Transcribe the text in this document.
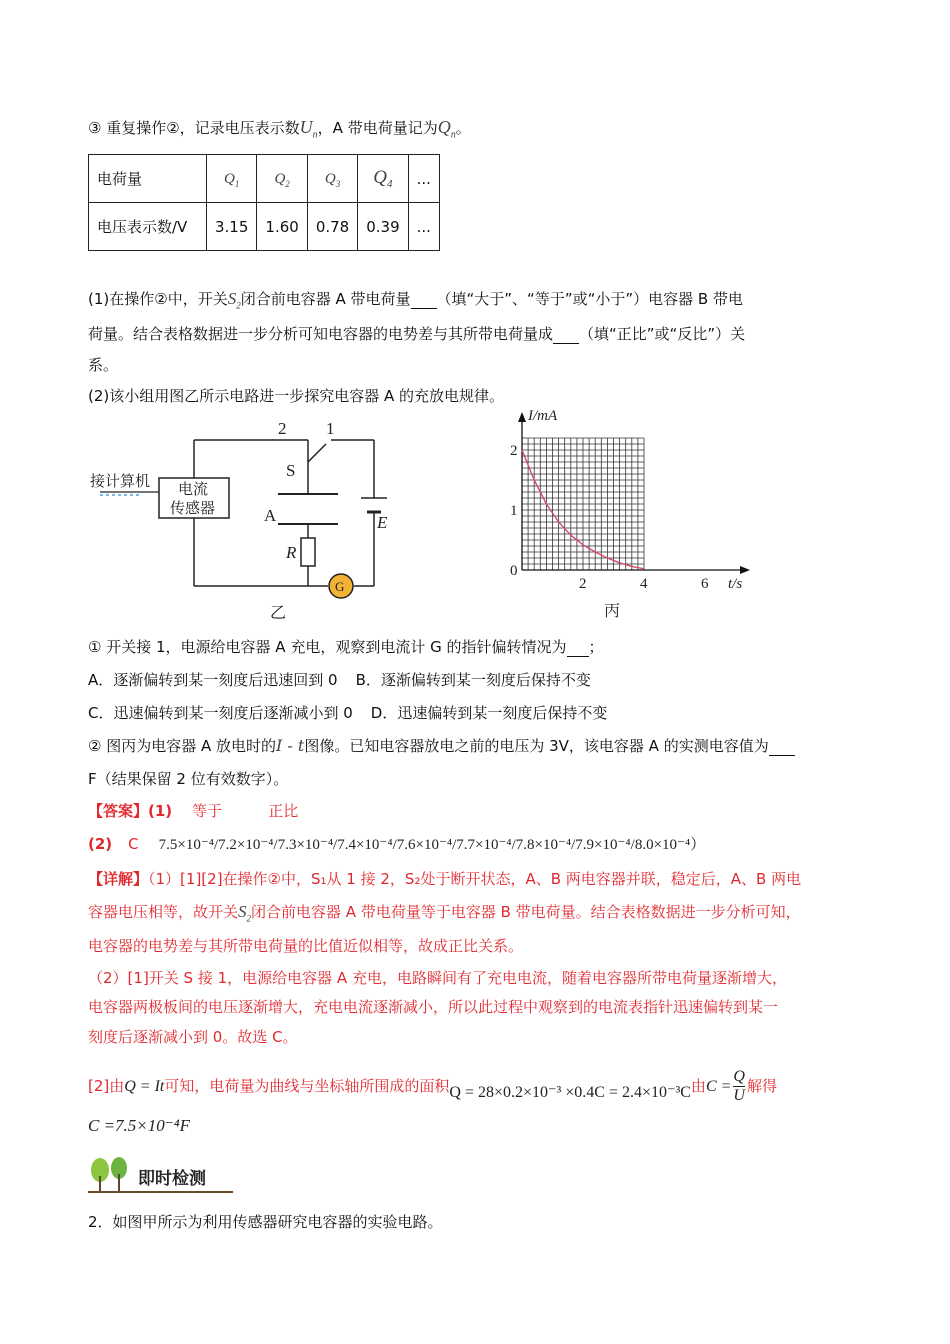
③ 重复操作②，记录电压表示数$U_n$，A 带电荷量记为$Q_n$。
电荷量	$Q_1$	$Q_2$	$Q_3$	$Q_4$	...
电压表示数/V	3.15	1.60	0.78	0.39	...
(1)在操作②中，开关$S_2$闭合前电容器 A 带电荷量 （填“大于”、“等于”或“小于”）电容器 B 带电
荷量。结合表格数据进一步分析可知电容器的电势差与其所带电荷量成 （填“正比”或“反比”）关
系。
(2)该小组用图乙所示电路进一步探究电容器 A 的充放电规律。
2 1
S
A	E
R
G
接计算机 电流
传感器
乙
2
1
0
2	4	6
I/mA
t/s
丙
① 开关接 1，电源给电容器 A 充电，观察到电流计 G 的指针偏转情况为 ；
A．逐渐偏转到某一刻度后迅速回到 0 B．逐渐偏转到某一刻度后保持不变
C．迅速偏转到某一刻度后逐渐减小到 0 D．迅速偏转到某一刻度后保持不变
② 图丙为电容器 A 放电时的I - t图像。已知电容器放电之前的电压为 3V，该电容器 A 的实测电容值为
F（结果保留 2 位有效数字）。
【答案】(1) 等于	正比
(2) C 7.5×10⁻⁴/7.2×10⁻⁴/7.3×10⁻⁴/7.4×10⁻⁴/7.6×10⁻⁴/7.7×10⁻⁴/7.8×10⁻⁴/7.9×10⁻⁴/8.0×10⁻⁴）
【详解】（1）[1][2]在操作②中，S₁从 1 接 2，S₂处于断开状态，A、B 两电容器并联，稳定后，A、B 两电
容器电压相等，故开关$S_2$闭合前电容器 A 带电荷量等于电容器 B 带电荷量。结合表格数据进一步分析可知，
电容器的电势差与其所带电荷量的比值近似相等，故成正比关系。
（2）[1]开关 S 接 1，电源给电容器 A 充电，电路瞬间有了充电电流，随着电容器所带电荷量逐渐增大，
电容器两极板间的电压逐渐增大，充电电流逐渐减小，所以此过程中观察到的电流表指针迅速偏转到某一
刻度后逐渐减小到 0。故选 C。
[2]由Q = It可知，电荷量为曲线与坐标轴所围成的面积Q = 28×0.2×10⁻³ ×0.4C = 2.4×10⁻³C由$C = \frac{Q}{U}$ 解得
C =7.5×10⁻⁴F
即时检测
2．如图甲所示为利用传感器研究电容器的实验电路。
